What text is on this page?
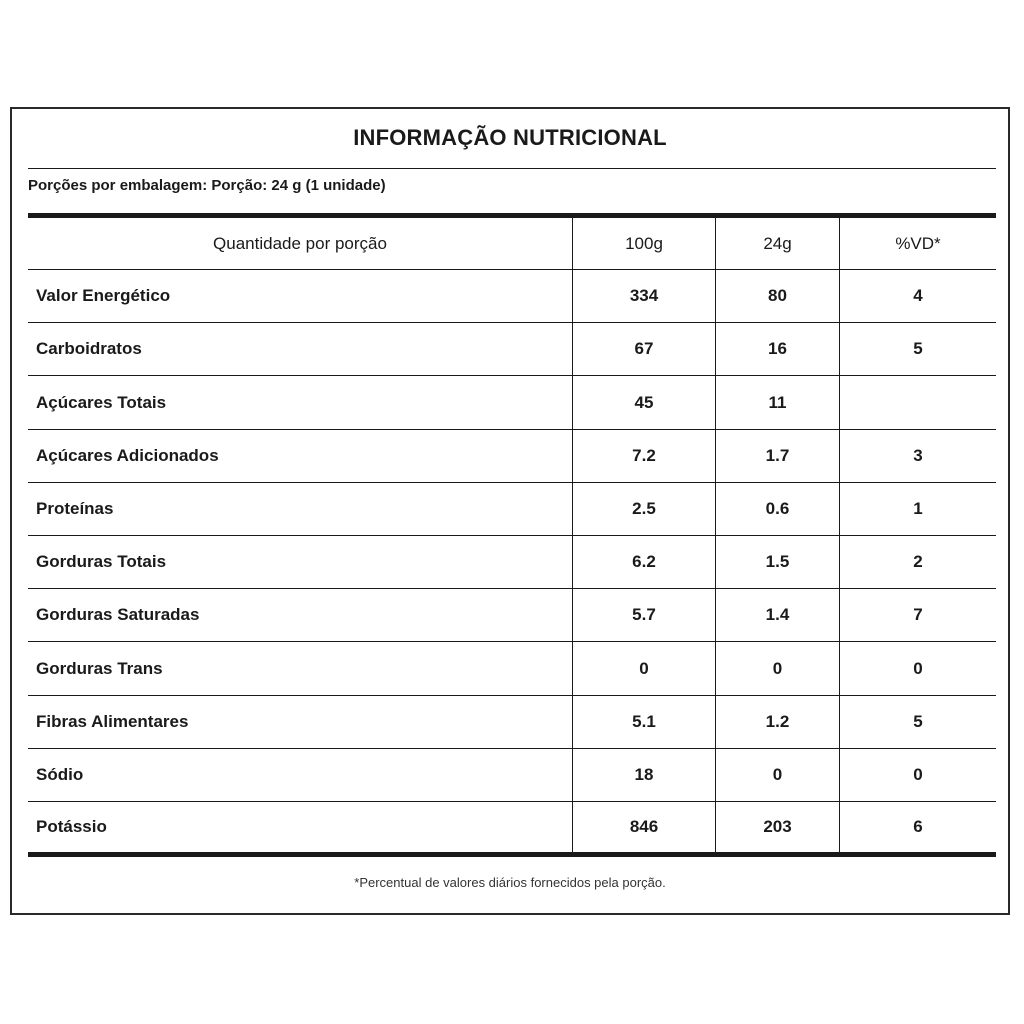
INFORMAÇÃO NUTRICIONAL
Porções por embalagem: Porção: 24 g (1 unidade)
Quantidade por porção	100g	24g	%VD*
Valor Energético	334	80	4
Carboidratos	67	16	5
Açúcares Totais	45	11
Açúcares Adicionados	7.2	1.7	3
Proteínas	2.5	0.6	1
Gorduras Totais	6.2	1.5	2
Gorduras Saturadas	5.7	1.4	7
Gorduras Trans	0	0	0
Fibras Alimentares	5.1	1.2	5
Sódio	18	0	0
Potássio	846	203	6
*Percentual de valores diários fornecidos pela porção.
